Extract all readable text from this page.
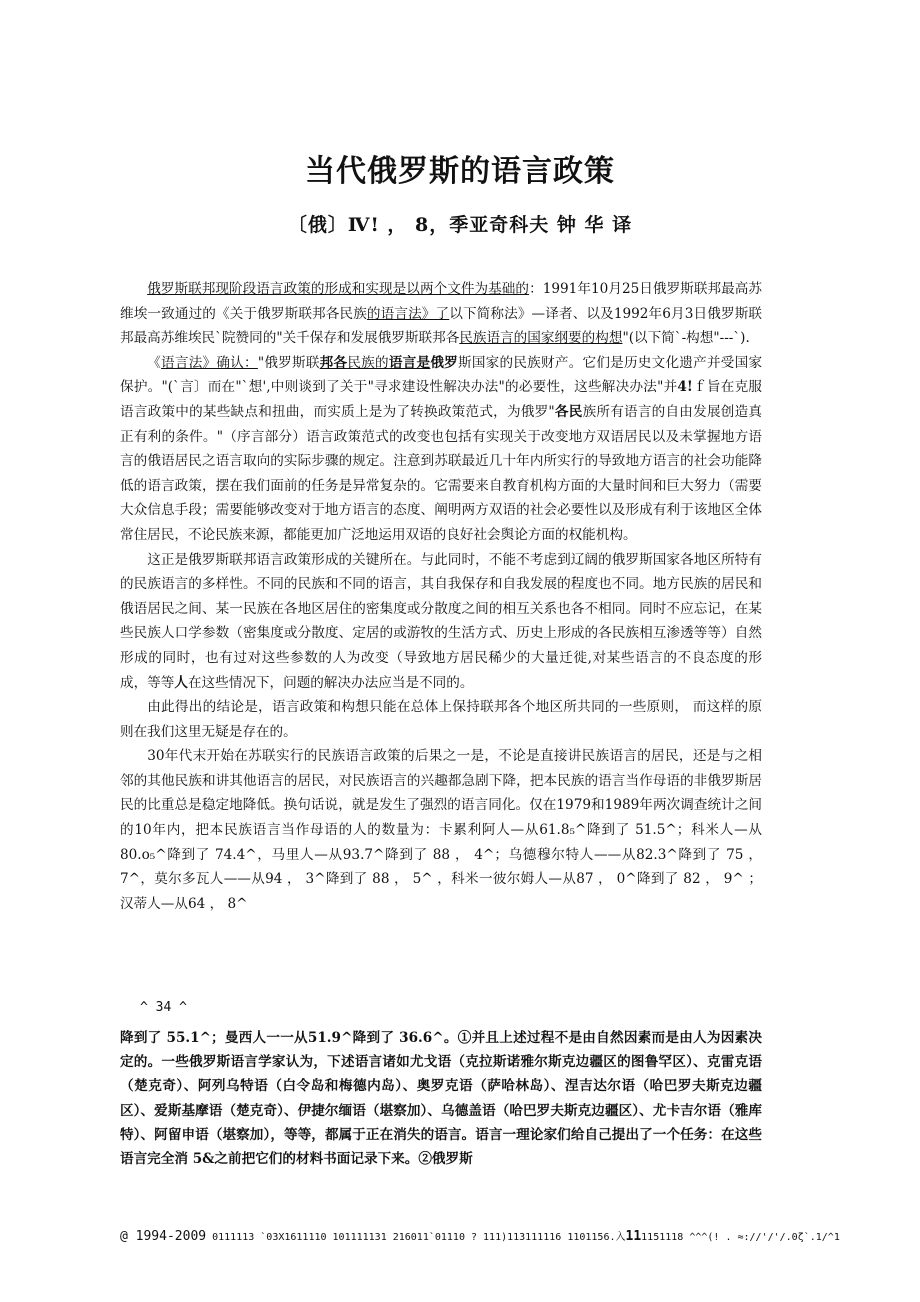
当代俄罗斯的语言政策
〔俄〕Ⅳ! ， 8，季亚奇科夫 钟 华 译

俄罗斯联邦现阶段语言政策的形成和实现是以两个文件为基础的：1991年10月25日俄罗斯联邦最高苏维埃一致通过的《关于俄罗斯联邦各民族的语言法》了以下简称法》—译者、以及1992年6月3日俄罗斯联邦最高苏维埃民`院赞同的"关千保存和发展俄罗斯联邦各民族语言的国家纲要的构想"(以下简`-构想"---`).

《语言法》确认："俄罗斯联邦各民族的语言是俄罗斯国家的民族财产。它们是历史文化遗产并受国家保护。"(`言〕而在"`想',中则谈到了关于"寻求建设性解决办法"的必要性，这些解决办法"并4!ｆ旨在克服语言政策中的某些缺点和扭曲，而实质上是为了转换政策范式，为俄罗"各民族所有语言的自由发展创造真正有利的条件。"（序言部分）语言政策范式的改变也包括有实现关于改变地方双语居民以及未掌握地方语言的俄语居民之语言取向的实际步骤的规定。注意到苏联最近几十年内所实行的导致地方语言的社会功能降低的语言政策，摆在我们面前的任务是异常复杂的。它需要来自教育机构方面的大量时间和巨大努力（需要大众信息手段；需要能够改变对于地方语言的态度、阐明两方双语的社会必要性以及形成有利于该地区全体常住居民，不论民族来源，都能更加广泛地运用双语的良好社会舆论方面的权能机构。

这正是俄罗斯联邦语言政策形成的关键所在。与此同时，不能不考虑到辽阔的俄罗斯国家各地区所特有的民族语言的多样性。不同的民族和不同的语言，其自我保存和自我发展的程度也不同。地方民族的居民和俄语居民之间、某一民族在各地区居住的密集度或分散度之间的相互关系也各不相同。同时不应忘记，在某些民族人口学参数（密集度或分散度、定居的或游牧的生活方式、历史上形成的各民族相互渗透等等）自然形成的同时，也有过对这些参数的人为改变（导致地方居民稀少的大量迁徙,对某些语言的不良态度的形成，等等人在这些情况下，问题的解决办法应当是不同的。

由此得出的结论是，语言政策和构想只能在总体上保持联邦各个地区所共同的一些原则， 而这样的原则在我们这里无疑是存在的。

30年代末开始在苏联实行的民族语言政策的后果之一是，不论是直接讲民族语言的居民，还是与之相邻的其他民族和讲其他语言的居民，对民族语言的兴趣都急剧下降，把本民族的语言当作母语的非俄罗斯居民的比重总是稳定地降低。换句话说，就是发生了强烈的语言同化。仅在1979和1989年两次调查统计之间的10年内，把本民族语言当作母语的人的数量为：卡累利阿人—从61.8₅^降到了 51.5^；科米人—从80.o₅^降到了 74.4^，马里人—从93.7^降到了 88 ， 4^；乌德穆尔特人——从82.3^降到了 75 ， 7^，莫尔多瓦人——从94 ， 3^降到了 88 ， 5^ ，科米一彼尔姆人—从87 ， 0^降到了 82 ， 9^ ；汉蒂人—从64 ， 8^

^ 34 ^
降到了 55.1^；曼西人一一从51.9^降到了 36.6^。①并且上述过程不是由自然因素而是由人为因素决定的。一些俄罗斯语言学家认为，下述语言诸如尤戈语（克拉斯诺雅尔斯克边疆区的图鲁罕区）、克雷克语（楚克奇）、阿列乌特语（白令岛和梅德内岛）、奥罗克语（萨哈林岛）、涅吉达尔语（哈巴罗夫斯克边疆区）、爱斯基摩语（楚克奇）、伊捷尔缅语（堪察加）、乌德盖语（哈巴罗夫斯克边疆区）、尤卡吉尔语（雅库特）、阿留申语（堪察加），等等，都属于正在消失的语言。语言一理论家们给自己提出了一个任务：在这些语言完全消 5&之前把它们的材料书面记录下来。②俄罗斯
@ 1994-2009 0111113 `03X1611110 101111131 216011`01110 ? 111)113111116 1101156.入111151118 ^^^(! . ≈://'/'/.0ζ`.1/^1
